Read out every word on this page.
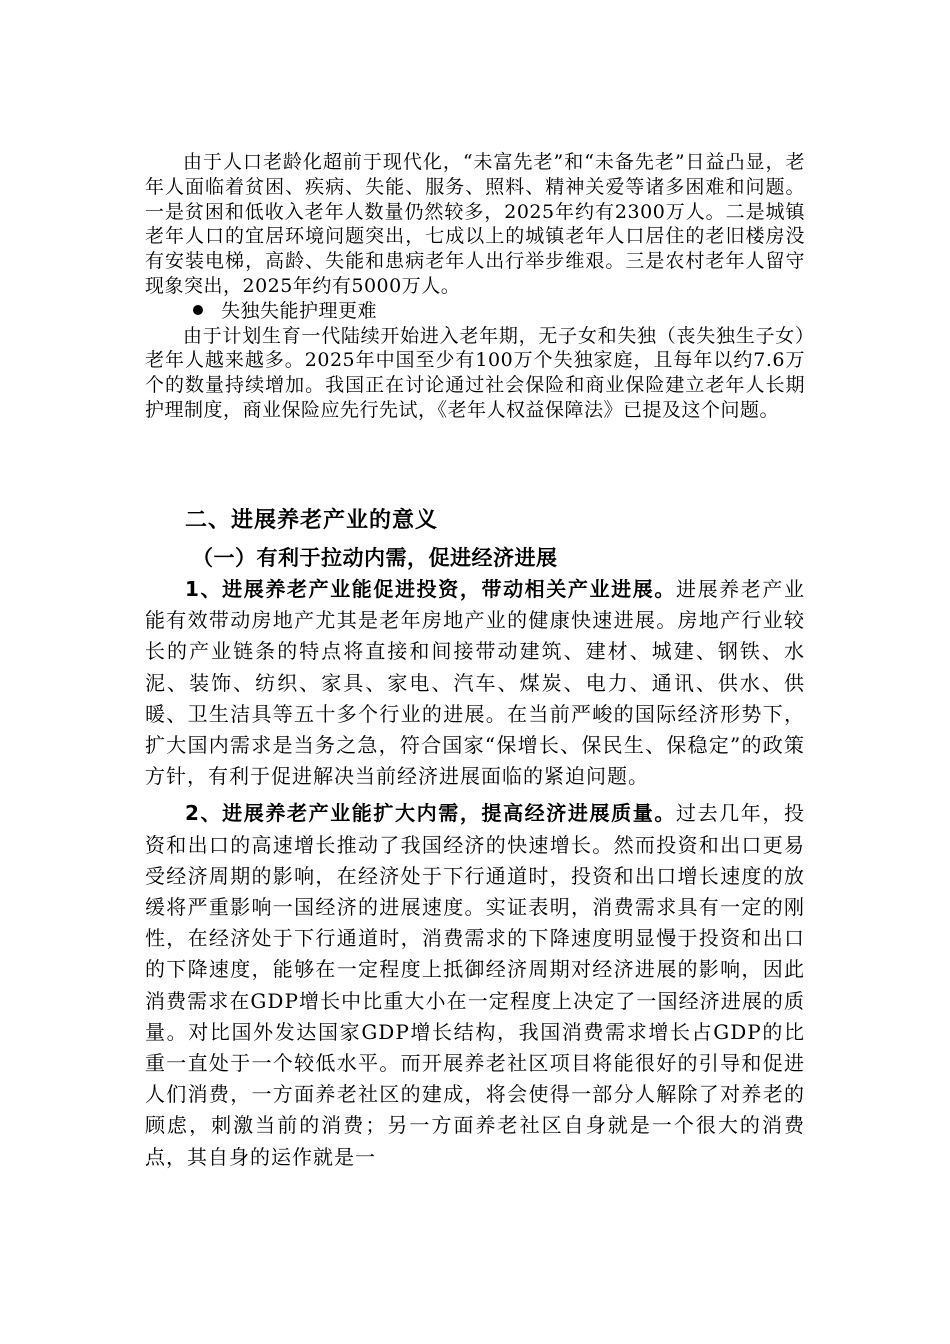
由于人口老龄化超前于现代化，“未富先老”和“未备先老”日益凸显，老年人面临着贫困、疾病、失能、服务、照料、精神关爱等诸多困难和问题。一是贫困和低收入老年人数量仍然较多，2025年约有2300万人。二是城镇老年人口的宜居环境问题突出，七成以上的城镇老年人口居住的老旧楼房没有安装电梯，高龄、失能和患病老年人出行举步维艰。三是农村老年人留守现象突出，2025年约有5000万人。

失独失能护理更难

由于计划生育一代陆续开始进入老年期，无子女和失独（丧失独生子女）老年人越来越多。2025年中国至少有100万个失独家庭，且每年以约7.6万个的数量持续增加。我国正在讨论通过社会保险和商业保险建立老年人长期护理制度，商业保险应先行先试，《老年人权益保障法》已提及这个问题。

二、进展养老产业的意义
（一）有利于拉动内需，促进经济进展

1、进展养老产业能促进投资，带动相关产业进展。进展养老产业能有效带动房地产尤其是老年房地产业的健康快速进展。房地产行业较长的产业链条的特点将直接和间接带动建筑、建材、城建、钢铁、水泥、装饰、纺织、家具、家电、汽车、煤炭、电力、通讯、供水、供暖、卫生洁具等五十多个行业的进展。在当前严峻的国际经济形势下，扩大国内需求是当务之急，符合国家“保增长、保民生、保稳定”的政策方针，有利于促进解决当前经济进展面临的紧迫问题。

2、进展养老产业能扩大内需，提高经济进展质量。过去几年，投资和出口的高速增长推动了我国经济的快速增长。然而投资和出口更易受经济周期的影响，在经济处于下行通道时，投资和出口增长速度的放缓将严重影响一国经济的进展速度。实证表明，消费需求具有一定的刚性，在经济处于下行通道时，消费需求的下降速度明显慢于投资和出口的下降速度，能够在一定程度上抵御经济周期对经济进展的影响，因此消费需求在GDP增长中比重大小在一定程度上决定了一国经济进展的质量。对比国外发达国家GDP增长结构，我国消费需求增长占GDP的比重一直处于一个较低水平。而开展养老社区项目将能很好的引导和促进人们消费，一方面养老社区的建成，将会使得一部分人解除了对养老的顾虑，刺激当前的消费；另一方面养老社区自身就是一个很大的消费点，其自身的运作就是一
